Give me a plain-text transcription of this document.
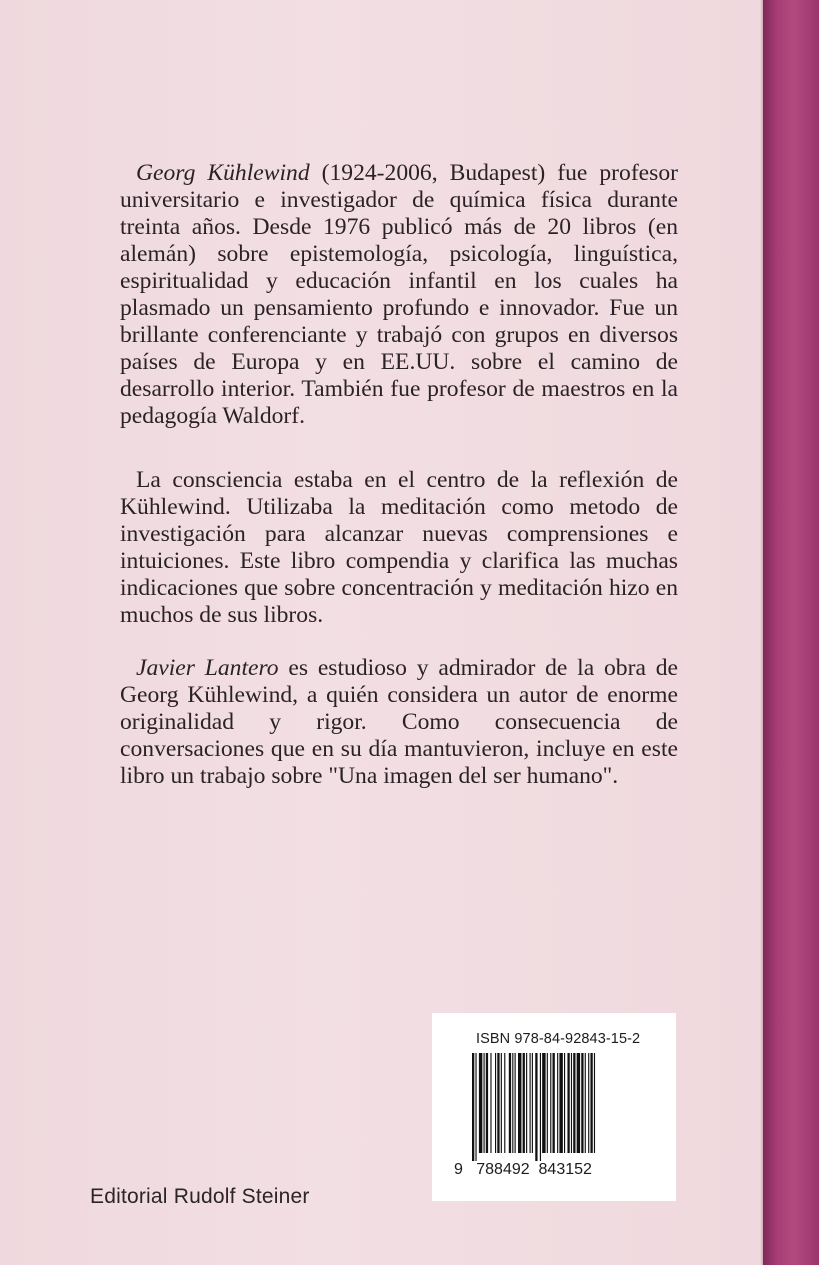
Georg Kühlewind (1924-2006, Budapest) fue profesor universitario e investigador de química física durante treinta años. Desde 1976 publicó más de 20 libros (en alemán) sobre epistemología, psicología, linguística, espiritualidad y educación infantil en los cuales ha plasmado un pensamiento profundo e innovador. Fue un brillante conferenciante y trabajó con grupos en diversos países de Europa y en EE.UU. sobre el camino de desarrollo interior. También fue profesor de maestros en la pedagogía Waldorf.

La consciencia estaba en el centro de la reflexión de Kühlewind. Utilizaba la meditación como metodo de investigación para alcanzar nuevas comprensiones e intuiciones. Este libro compendia y clarifica las muchas indicaciones que sobre concentración y meditación hizo en muchos de sus libros.

Javier Lantero es estudioso y admirador de la obra de Georg Kühlewind, a quién considera un autor de enorme originalidad y rigor. Como consecuencia de conversaciones que en su día mantuvieron, incluye en este libro un trabajo sobre "Una imagen del ser humano".

Editorial Rudolf Steiner
ISBN 978-84-92843-15-2
9 788492 843152
